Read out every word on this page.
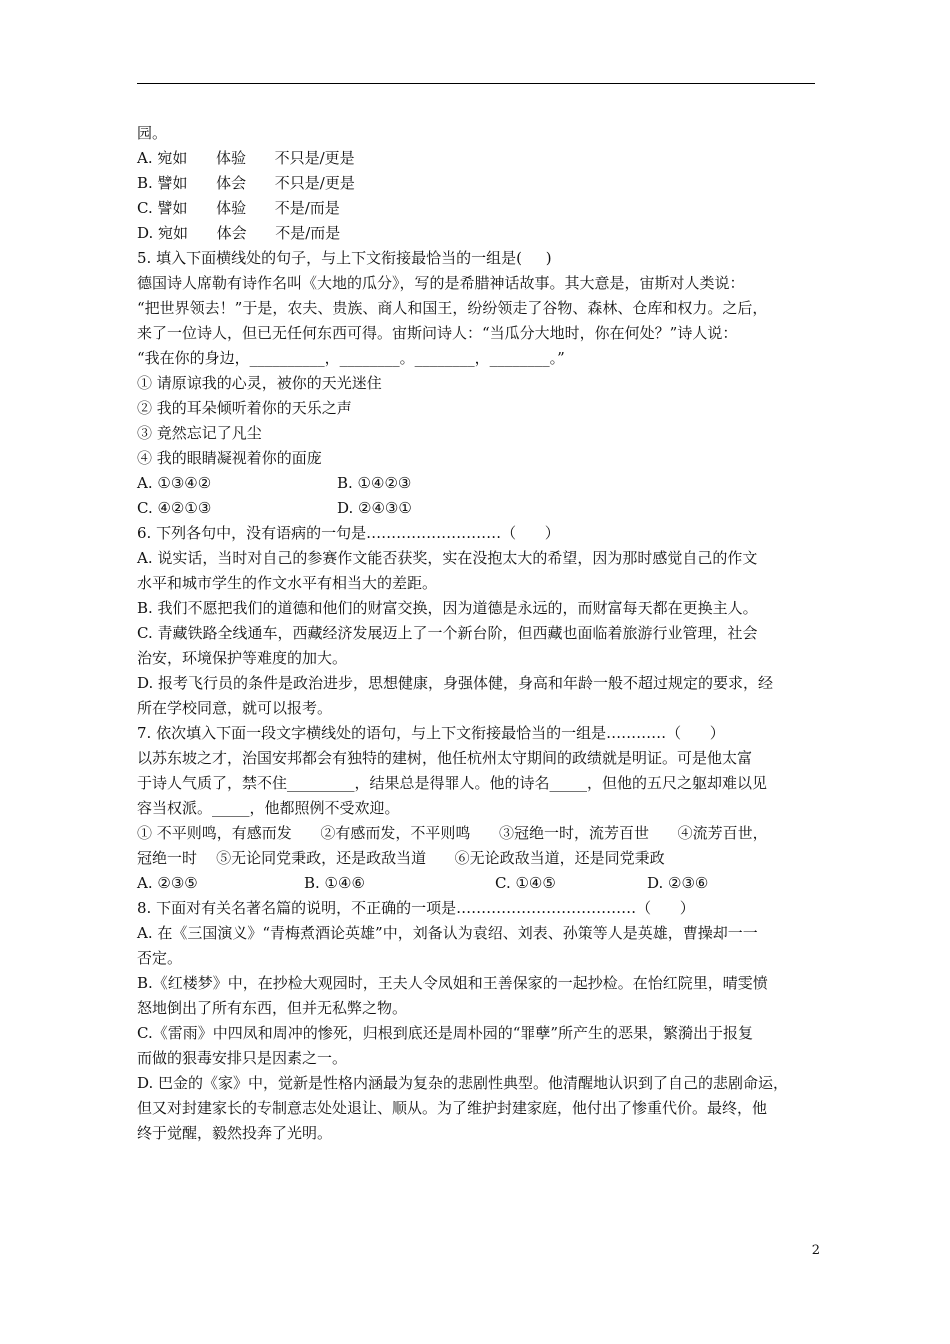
园。
A. 宛如      体验      不只是/更是
B. 譬如      体会      不只是/更是
C. 譬如      体验      不是/而是
D. 宛如      体会      不是/而是
5. 填入下面横线处的句子，与上下文衔接最恰当的一组是(     )
德国诗人席勒有诗作名叫《大地的瓜分》，写的是希腊神话故事。其大意是，宙斯对人类说：
“把世界领去！”于是，农夫、贵族、商人和国王，纷纷领走了谷物、森林、仓库和权力。之后，
来了一位诗人，但已无任何东西可得。宙斯问诗人：“当瓜分大地时，你在何处？”诗人说：
“我在你的身边，__________，________。________，________。”
① 请原谅我的心灵，被你的天光迷住
② 我的耳朵倾听着你的天乐之声
③ 竟然忘记了凡尘
④ 我的眼睛凝视着你的面庞
A. ①③④②	B. ①④②③
C. ④②①③	D. ②④③①
6. 下列各句中，没有语病的一句是………………………（      ）
A. 说实话，当时对自己的参赛作文能否获奖，实在没抱太大的希望，因为那时感觉自己的作文
水平和城市学生的作文水平有相当大的差距。
B. 我们不愿把我们的道德和他们的财富交换，因为道德是永远的，而财富每天都在更换主人。
C. 青藏铁路全线通车，西藏经济发展迈上了一个新台阶，但西藏也面临着旅游行业管理，社会
治安，环境保护等难度的加大。
D. 报考飞行员的条件是政治进步，思想健康，身强体健，身高和年龄一般不超过规定的要求，经
所在学校同意，就可以报考。
7. 依次填入下面一段文字横线处的语句，与上下文衔接最恰当的一组是…………（      ）
以苏东坡之才，治国安邦都会有独特的建树，他任杭州太守期间的政绩就是明证。可是他太富
于诗人气质了，禁不住_________，结果总是得罪人。他的诗名_____，但他的五尺之躯却难以见
容当权派。_____，他都照例不受欢迎。
① 不平则鸣，有感而发      ②有感而发，不平则鸣      ③冠绝一时，流芳百世      ④流芳百世，
冠绝一时    ⑤无论同党秉政，还是政敌当道      ⑥无论政敌当道，还是同党秉政
A. ②③⑤	B. ①④⑥	C. ①④⑤	D. ②③⑥
8. 下面对有关名著名篇的说明，不正确的一项是………………………………（      ）
A. 在《三国演义》“青梅煮酒论英雄”中，刘备认为袁绍、刘表、孙策等人是英雄，曹操却一一
否定。
B.《红楼梦》中，在抄检大观园时，王夫人令凤姐和王善保家的一起抄检。在怡红院里，晴雯愤
怒地倒出了所有东西，但并无私弊之物。
C.《雷雨》中四凤和周冲的惨死，归根到底还是周朴园的“罪孽”所产生的恶果，繁漪出于报复
而做的狠毒安排只是因素之一。
D. 巴金的《家》中，觉新是性格内涵最为复杂的悲剧性典型。他清醒地认识到了自己的悲剧命运，
但又对封建家长的专制意志处处退让、顺从。为了维护封建家庭，他付出了惨重代价。最终，他
终于觉醒，毅然投奔了光明。
2
